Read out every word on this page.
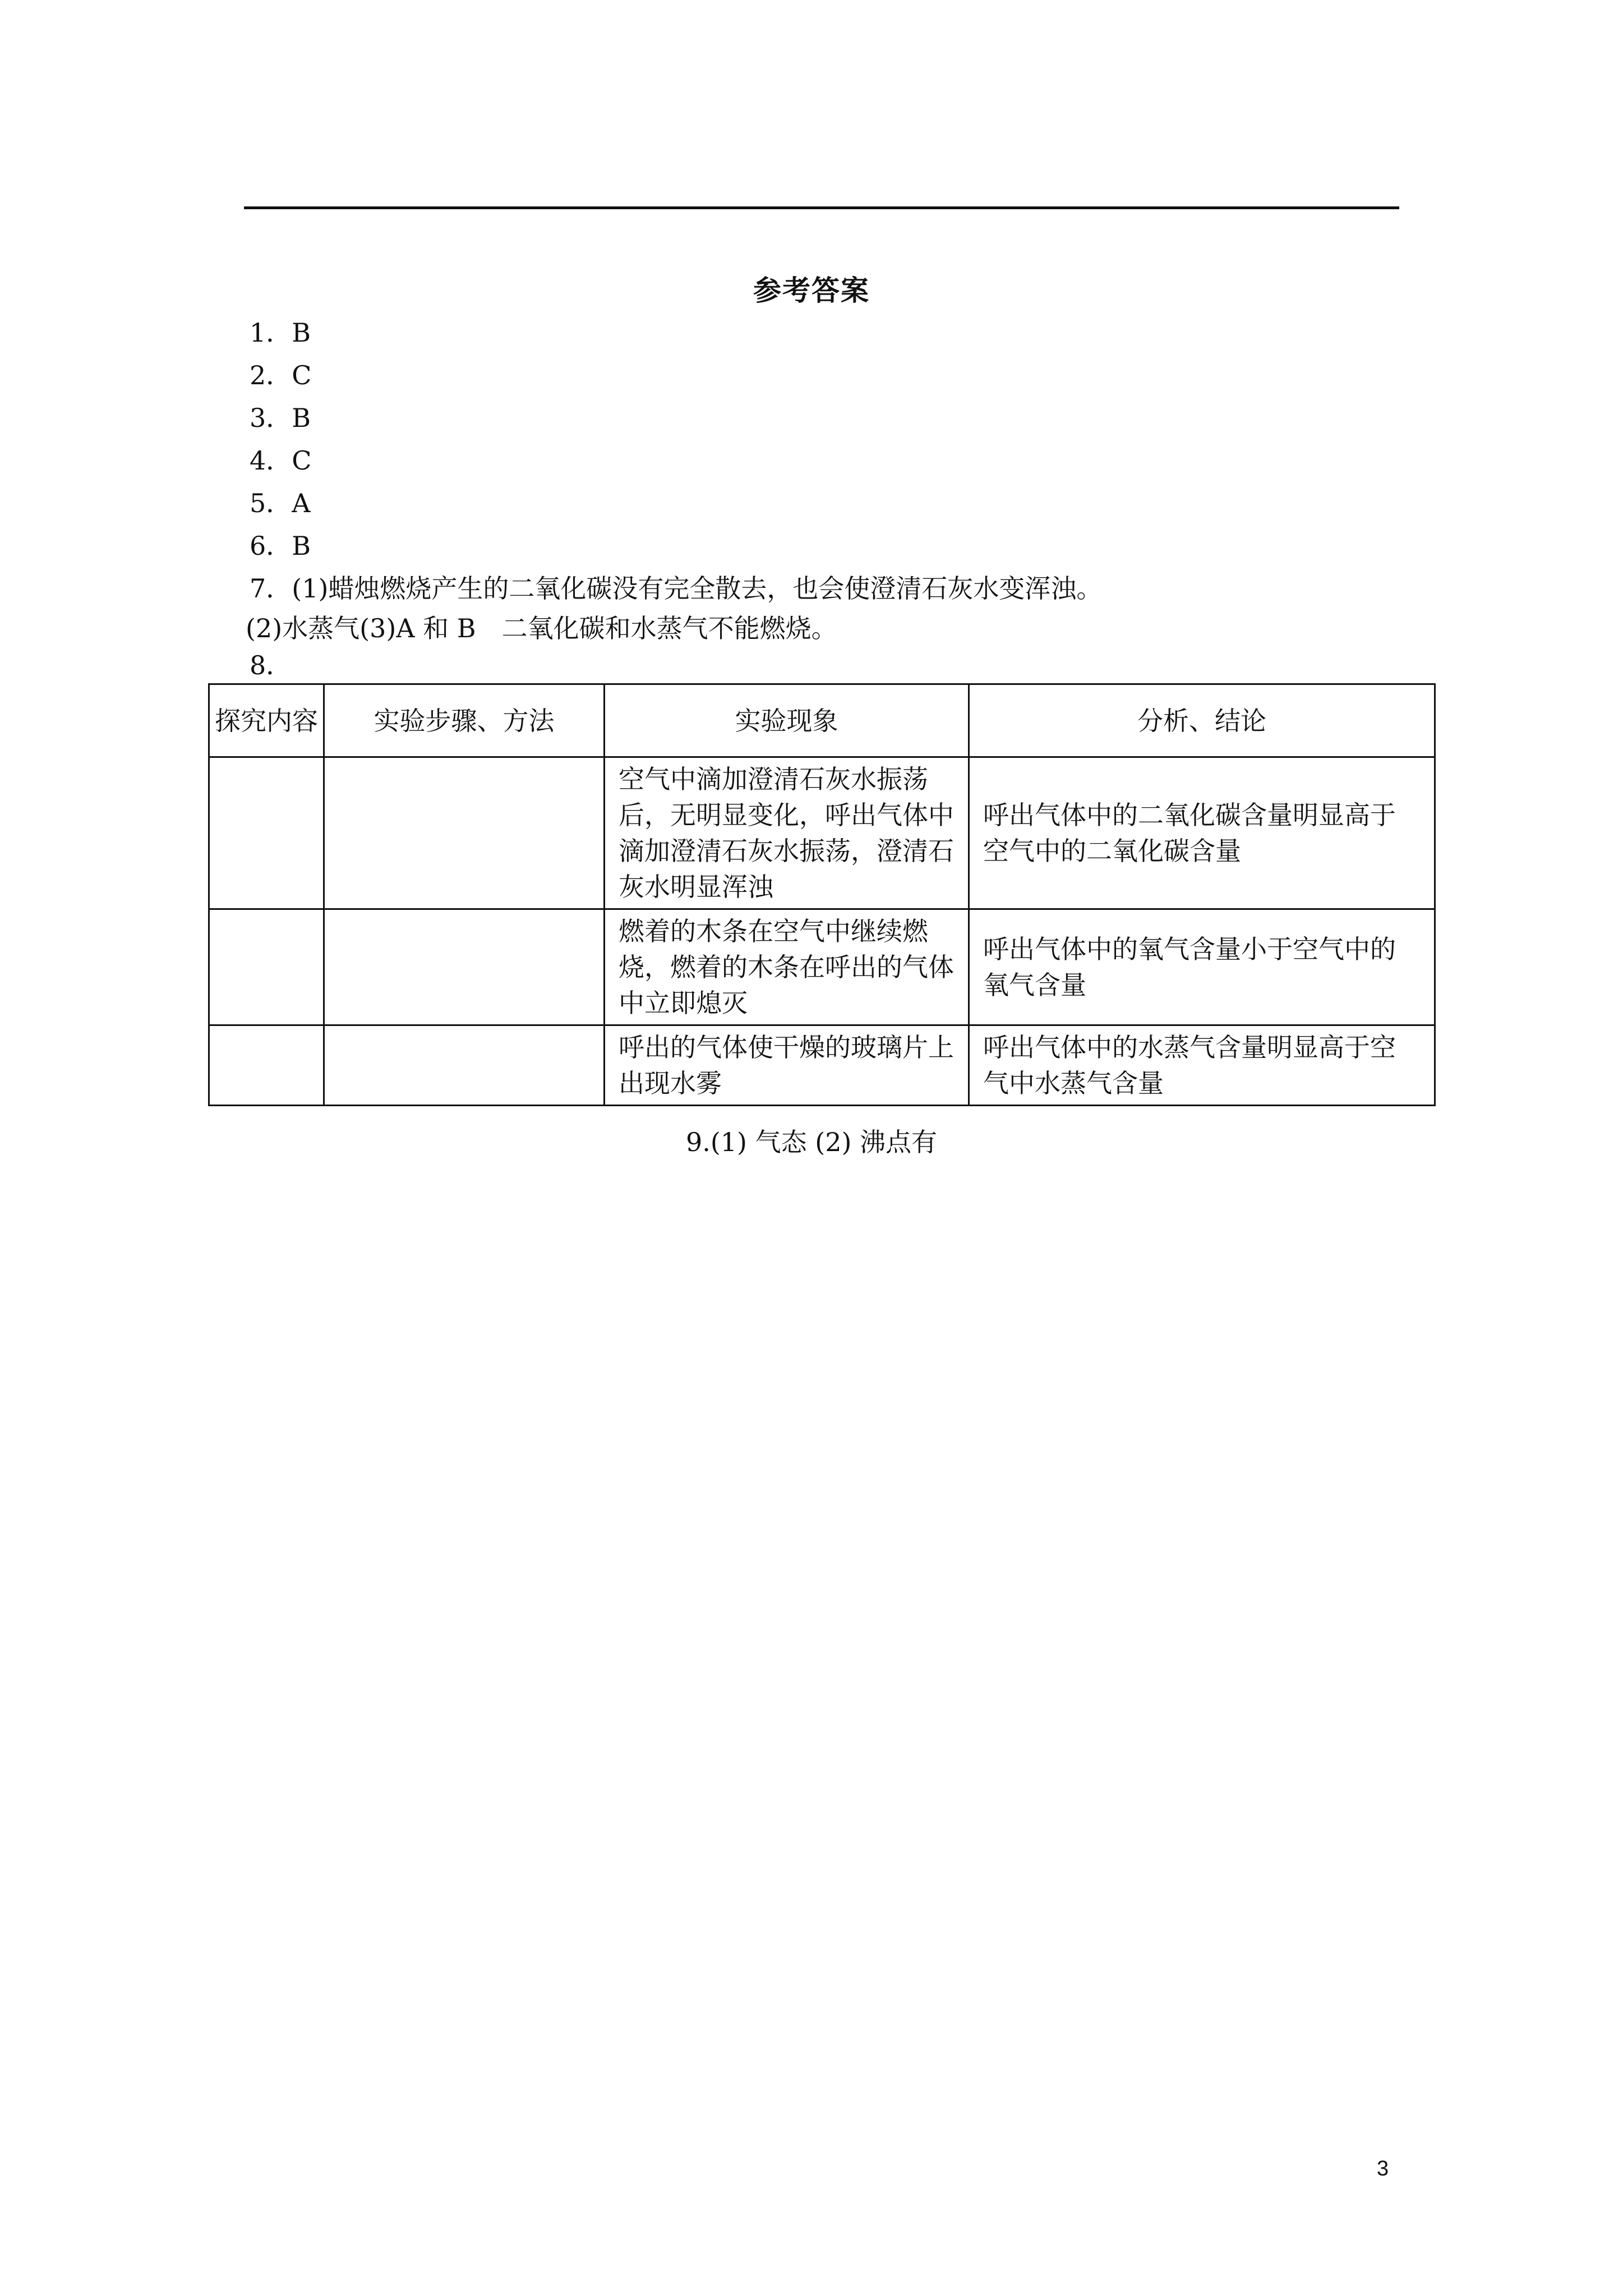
参考答案
1．B
2．C
3．B
4．C
5．A
6．B
7．(1)蜡烛燃烧产生的二氧化碳没有完全散去，也会使澄清石灰水变浑浊。
(2)水蒸气(3)A 和 B　二氧化碳和水蒸气不能燃烧。
8．
探究内容	实验步骤、方法	实验现象	分析、结论
		空气中滴加澄清石灰水振荡后，无明显变化，呼出气体中滴加澄清石灰水振荡，澄清石灰水明显浑浊	呼出气体中的二氧化碳含量明显高于空气中的二氧化碳含量
		燃着的木条在空气中继续燃烧，燃着的木条在呼出的气体中立即熄灭	呼出气体中的氧气含量小于空气中的氧气含量
		呼出的气体使干燥的玻璃片上出现水雾	呼出气体中的水蒸气含量明显高于空气中水蒸气含量
9.(1) 气态 (2) 沸点有
3
